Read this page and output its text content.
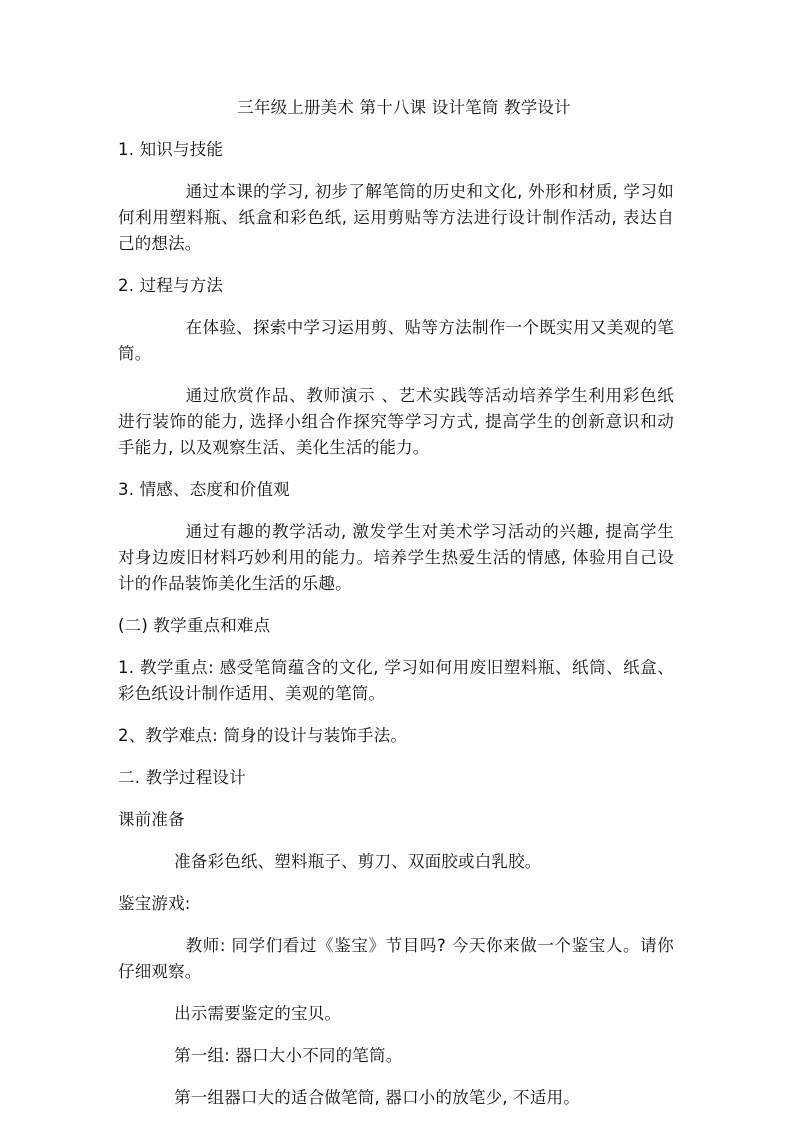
三年级上册美术 第十八课 设计笔筒 教学设计
1. 知识与技能
通过本课的学习, 初步了解笔筒的历史和文化, 外形和材质, 学习如何利用塑料瓶、纸盒和彩色纸, 运用剪贴等方法进行设计制作活动, 表达自己的想法。
2. 过程与方法
在体验、探索中学习运用剪、贴等方法制作一个既实用又美观的笔筒。
通过欣赏作品、教师演示 、艺术实践等活动培养学生利用彩色纸进行装饰的能力, 选择小组合作探究等学习方式, 提高学生的创新意识和动手能力, 以及观察生活、美化生活的能力。
3. 情感、态度和价值观
通过有趣的教学活动, 激发学生对美术学习活动的兴趣, 提高学生对身边废旧材料巧妙利用的能力。培养学生热爱生活的情感, 体验用自己设计的作品装饰美化生活的乐趣。
(二) 教学重点和难点
1. 教学重点: 感受笔筒蕴含的文化, 学习如何用废旧塑料瓶、纸筒、纸盒、彩色纸设计制作适用、美观的笔筒。
2、教学难点: 筒身的设计与装饰手法。
二. 教学过程设计
课前准备
准备彩色纸、塑料瓶子、剪刀、双面胶或白乳胶。
鉴宝游戏:
教师: 同学们看过《鉴宝》节目吗? 今天你来做一个鉴宝人。请你仔细观察。
出示需要鉴定的宝贝。
第一组: 器口大小不同的笔筒。
第一组器口大的适合做笔筒, 器口小的放笔少, 不适用。
